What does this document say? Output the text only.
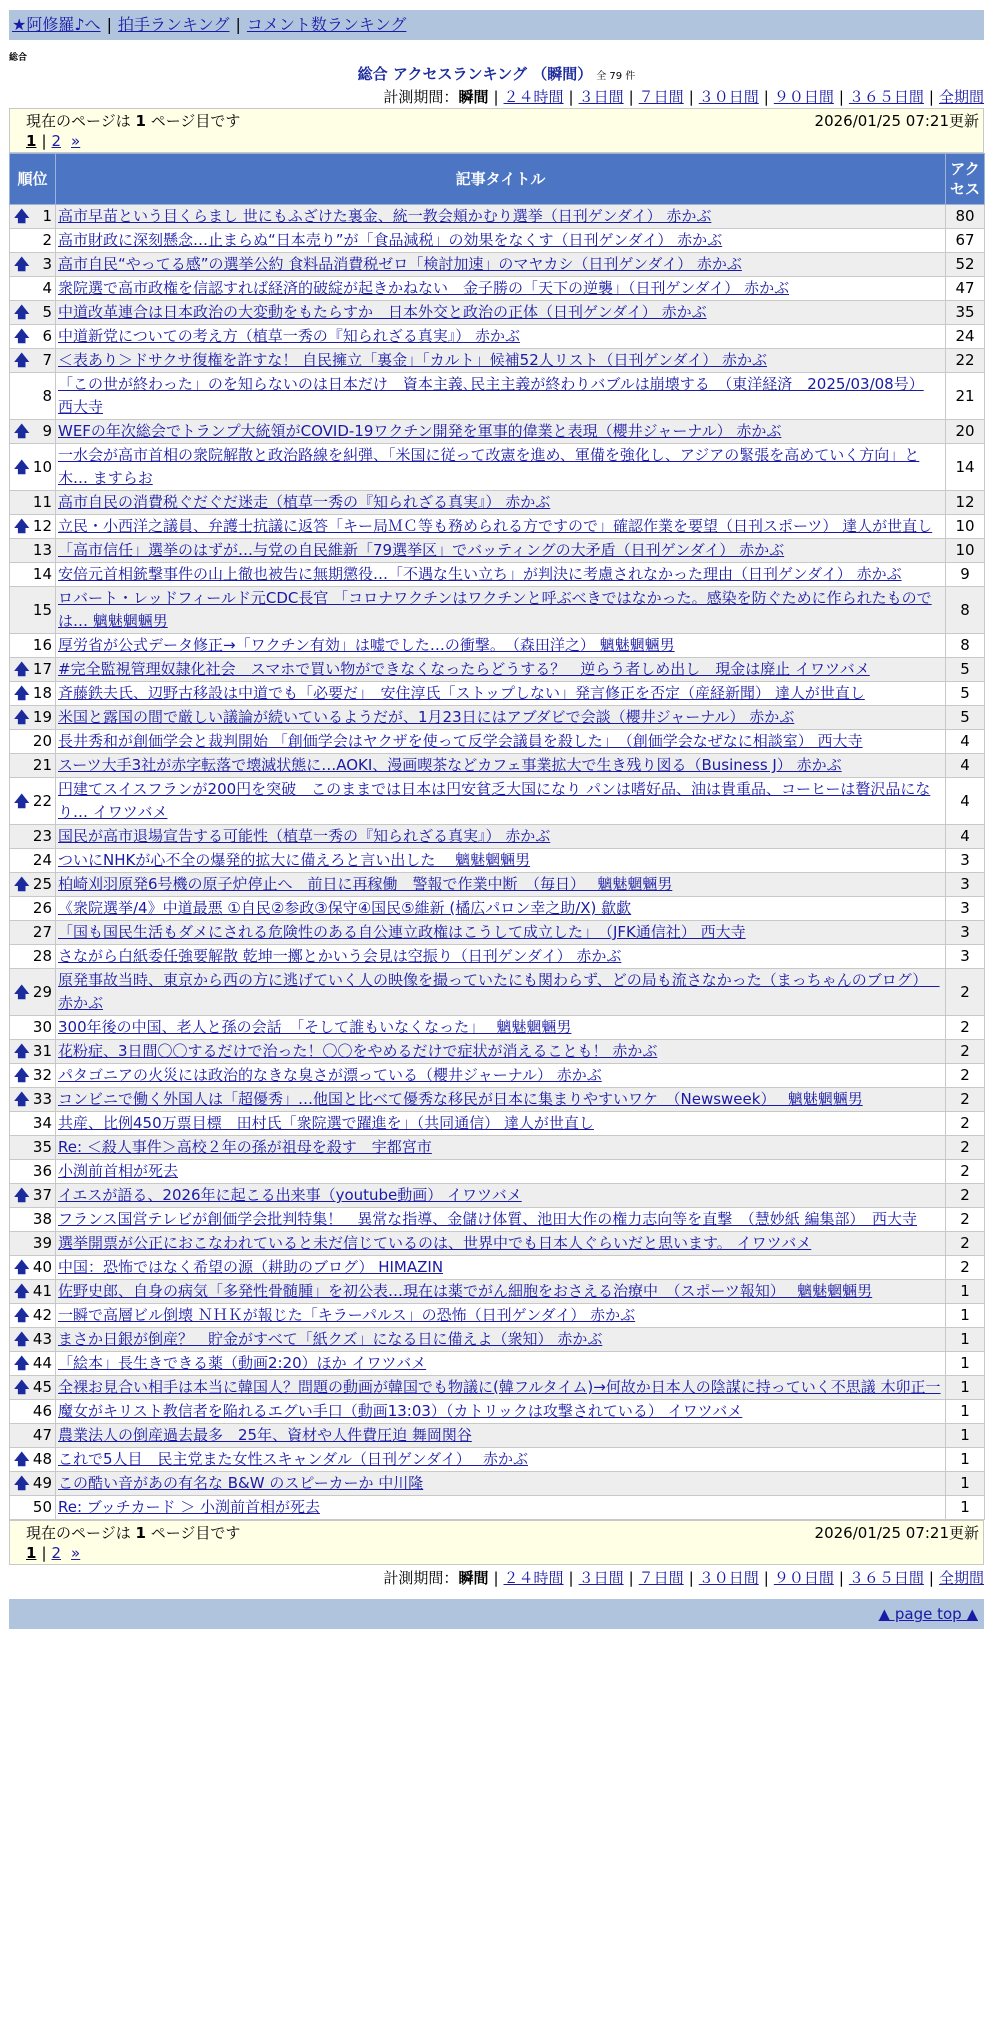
★阿修羅♪へ | 拍手ランキング | コメント数ランキング
総合
総合 アクセスランキング （瞬間） 全 79 件
計測期間：瞬間 | ２４時間 | ３日間 | ７日間 | ３０日間 | ９０日間 | ３６５日間 | 全期間
現在のページは 1 ページ目です	2026/01/25 07:21更新
1 | 2 »
順位	記事タイトル	アクセス

🡅 1	高市早苗という目くらまし 世にもふざけた裏金、統一教会頬かむり選挙（日刊ゲンダイ） 赤かぶ	80
2	高市財政に深刻懸念…止まらぬ“日本売り”が「食品減税」の効果をなくす（日刊ゲンダイ） 赤かぶ	67

🡅 3	高市自民“やってる感”の選挙公約 食料品消費税ゼロ「検討加速」のマヤカシ（日刊ゲンダイ） 赤かぶ	52
4	衆院選で高市政権を信認すれば経済的破綻が起きかねない　金子勝の「天下の逆襲」（日刊ゲンダイ） 赤かぶ	47

🡅 5	中道改革連合は日本政治の大変動をもたらすか　日本外交と政治の正体（日刊ゲンダイ） 赤かぶ	35

🡅 6	中道新党についての考え方（植草一秀の『知られざる真実』） 赤かぶ	24

🡅 7	＜表あり＞ドサクサ復権を許すな！ 自民擁立「裏金」「カルト」候補52人リスト（日刊ゲンダイ） 赤かぶ	22
8	「この世が終わった」のを知らないのは日本だけ　資本主義､民主主義が終わりバブルは崩壊する　（東洋経済　2025/03/08号） 西大寺	21

🡅 9	WEFの年次総会でトランプ大統領がCOVID-19ワクチン開発を軍事的偉業と表現（櫻井ジャーナル） 赤かぶ	20

🡅 10	一水会が高市首相の衆院解散と政治路線を糾弾、「米国に従って改憲を進め、軍備を強化し、アジアの緊張を高めていく方向」と木… ますらお	14
11	高市自民の消費税ぐだぐだ迷走（植草一秀の『知られざる真実』） 赤かぶ	12

🡅 12	立民・小西洋之議員、弁護士抗議に返答「キー局ＭＣ等も務められる方ですので」確認作業を要望（日刊スポーツ） 達人が世直し	10
13	「高市信任」選挙のはずが…与党の自民維新「79選挙区」でバッティングの大矛盾（日刊ゲンダイ） 赤かぶ	10
14	安倍元首相銃撃事件の山上徹也被告に無期懲役…「不遇な生い立ち」が判決に考慮されなかった理由（日刊ゲンダイ） 赤かぶ	9
15	ロバート・レッドフィールド元CDC長官 「コロナワクチンはワクチンと呼ぶべきではなかった。感染を防ぐために作られたものでは… 魑魅魍魎男	8
16	厚労省が公式データ修正→「ワクチン有効」は嘘でした…の衝撃。　（森田洋之） 魑魅魍魎男	8

🡅 17	#完全監視管理奴隷化社会　スマホで買い物ができなくなったらどうする？　逆らう者しめ出し　現金は廃止 イワツバメ	5

🡅 18	斉藤鉄夫氏、辺野古移設は中道でも「必要だ」　安住淳氏「ストップしない」発言修正を否定（産経新聞） 達人が世直し	5

🡅 19	米国と露国の間で厳しい議論が続いているようだが、1月23日にはアブダビで会談（櫻井ジャーナル） 赤かぶ	5
20	長井秀和が創価学会と裁判開始 「創価学会はヤクザを使って反学会議員を殺した」　（創価学会なぜなに相談室） 西大寺	4
21	スーツ大手3社が赤字転落で壊滅状態に…AOKI、漫画喫茶などカフェ事業拡大で生き残り図る（Business J） 赤かぶ	4

🡅 22	円建てスイスフランが200円を突破　このままでは日本は円安貧乏大国になり パンは嗜好品、油は貴重品、コーヒーは贅沢品になり… イワツバメ	4
23	国民が高市退場宣告する可能性（植草一秀の『知られざる真実』） 赤かぶ	4
24	ついにNHKが心不全の爆発的拡大に備えろと言い出した　 魑魅魍魎男	3

🡅 25	柏崎刈羽原発6号機の原子炉停止へ　前日に再稼働　警報で作業中断　（毎日）　 魑魅魍魎男	3
26	《衆院選挙/4》中道最悪 ①自民②参政③保守④国民⑤維新 (橘広パロン幸之助/X) 歙歔	3
27	「国も国民生活もダメにされる危険性のある自公連立政権はこうして成立した」　（JFK通信社） 西大寺	3
28	さながら白紙委任強要解散 乾坤一擲とかいう会見は空振り（日刊ゲンダイ） 赤かぶ	3

🡅 29	原発事故当時、東京から西の方に逃げていく人の映像を撮っていたにも関わらず、どの局も流さなかった（まっちゃんのブログ）　 赤かぶ	2
30	300年後の中国、老人と孫の会話　「そして誰もいなくなった」　 魑魅魍魎男	2

🡅 31	花粉症、3日間〇〇するだけで治った！〇〇をやめるだけで症状が消えることも！ 赤かぶ	2

🡅 32	パタゴニアの火災には政治的なきな臭さが漂っている（櫻井ジャーナル） 赤かぶ	2

🡅 33	コンビニで働く外国人は「超優秀」…他国と比べて優秀な移民が日本に集まりやすいワケ　（Newsweek）　 魑魅魍魎男	2
34	共産、比例450万票目標　田村氏「衆院選で躍進を」（共同通信） 達人が世直し	2
35	Re: ＜殺人事件＞高校２年の孫が祖母を殺す　宇都宮市	2
36	小渕前首相が死去	2

🡅 37	イエスが語る、2026年に起こる出来事（youtube動画） イワツバメ	2
38	フランス国営テレビが創価学会批判特集！　異常な指導、金儲け体質、池田大作の権力志向等を直撃　（慧妙紙 編集部）　西大寺	2
39	選挙開票が公正におこなわれていると未だ信じているのは、世界中でも日本人ぐらいだと思います。 イワツバメ	2

🡅 40	中国：恐怖ではなく希望の源（耕助のブログ） HIMAZIN	2

🡅 41	佐野史郎、自身の病気「多発性骨髄腫」を初公表…現在は薬でがん細胞をおさえる治療中　（スポーツ報知）　 魑魅魍魎男	1

🡅 42	一瞬で高層ビル倒壊 ＮＨＫが報じた「キラーパルス」の恐怖（日刊ゲンダイ） 赤かぶ	1

🡅 43	まさか日銀が倒産？　貯金がすべて「紙クズ」になる日に備えよ（衆知） 赤かぶ	1

🡅 44	「絵本」長生きできる薬（動画2:20）ほか イワツバメ	1

🡅 45	全裸お見合い相手は本当に韓国人？問題の動画が韓国でも物議に(韓フルタイム)→何故か日本人の陰謀に持っていく不思議 木卯正一	1
46	魔女がキリスト教信者を陥れるエグい手口（動画13:03）（カトリックは攻撃されている） イワツバメ	1
47	農業法人の倒産過去最多　25年、資材や人件費圧迫 舞岡関谷	1

🡅 48	これで5人目　民主党また女性スキャンダル（日刊ゲンダイ）　 赤かぶ	1

🡅 49	この酷い音があの有名な B&W のスピーカーか 中川隆	1
50	Re: ブッチカード ＞ 小渕前首相が死去	1
現在のページは 1 ページ目です	2026/01/25 07:21更新
1 | 2 »
計測期間：瞬間 | ２４時間 | ３日間 | ７日間 | ３０日間 | ９０日間 | ３６５日間 | 全期間
▲ page top ▲
